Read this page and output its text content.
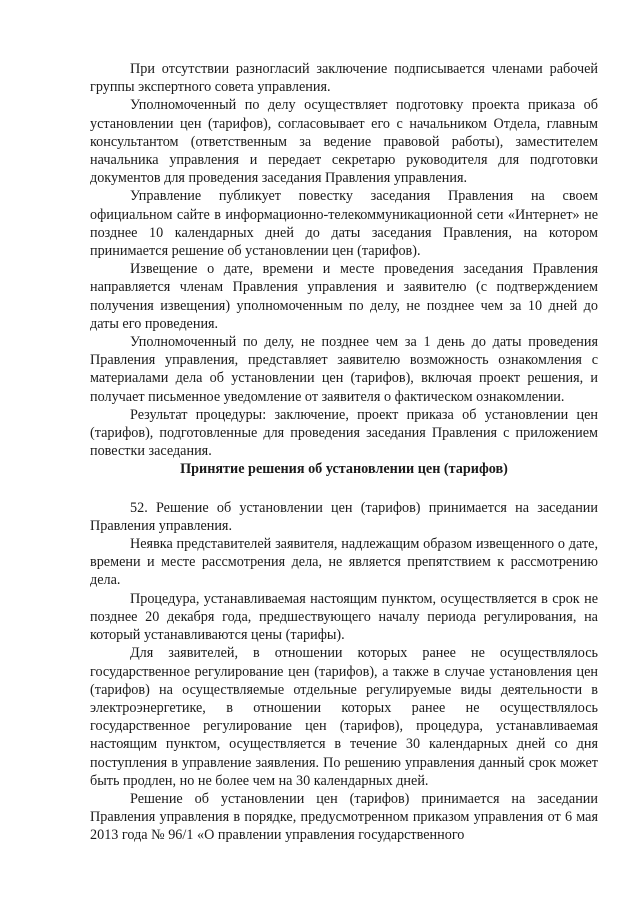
При отсутствии разногласий заключение подписывается членами рабочей группы экспертного совета управления.

Уполномоченный по делу осуществляет подготовку проекта приказа об установлении цен (тарифов), согласовывает его с начальником Отдела, главным консультантом (ответственным за ведение правовой работы), заместителем начальника управления и передает секретарю руководителя для подготовки документов для проведения заседания Правления управления.

Управление публикует повестку заседания Правления на своем официальном сайте в информационно-телекоммуникационной сети «Интернет» не позднее 10 календарных дней до даты заседания Правления, на котором принимается решение об установлении цен (тарифов).

Извещение о дате, времени и месте проведения заседания Правления направляется членам Правления управления и заявителю (с подтверждением получения извещения) уполномоченным по делу, не позднее чем за 10 дней до даты его проведения.

Уполномоченный по делу, не позднее чем за 1 день до даты проведения Правления управления, представляет заявителю возможность ознакомления с материалами дела об установлении цен (тарифов), включая проект решения, и получает письменное уведомление от заявителя о фактическом ознакомлении.

Результат процедуры: заключение, проект приказа об установлении цен (тарифов), подготовленные для проведения заседания Правления с приложением повестки заседания.

Принятие решения об установлении цен (тарифов)

52. Решение об установлении цен (тарифов) принимается на заседании Правления управления.

Неявка представителей заявителя, надлежащим образом извещенного о дате, времени и месте рассмотрения дела, не является препятствием к рассмотрению дела.

Процедура, устанавливаемая настоящим пунктом, осуществляется в срок не позднее 20 декабря года, предшествующего началу периода регулирования, на который устанавливаются цены (тарифы).

Для заявителей, в отношении которых ранее не осуществлялось государственное регулирование цен (тарифов), а также в случае установления цен (тарифов) на осуществляемые отдельные регулируемые виды деятельности в электроэнергетике, в отношении которых ранее не осуществлялось государственное регулирование цен (тарифов), процедура, устанавливаемая настоящим пунктом, осуществляется в течение 30 календарных дней со дня поступления в управление заявления. По решению управления данный срок может быть продлен, но не более чем на 30 календарных дней.

Решение об установлении цен (тарифов) принимается на заседании Правления управления в порядке, предусмотренном приказом управления от 6 мая 2013 года № 96/1 «О правлении управления государственного
